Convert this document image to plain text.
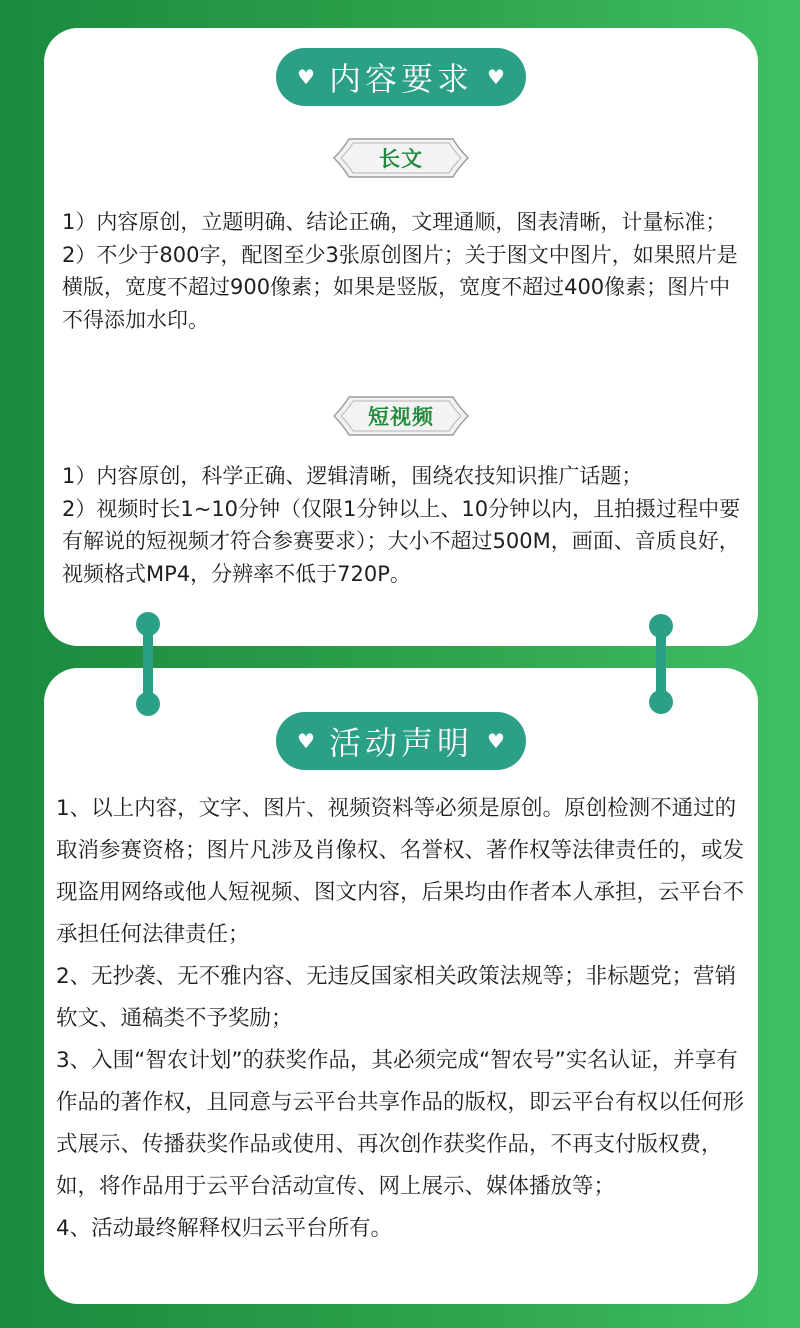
♥ 内容要求 ♥
长文

1）内容原创，立题明确、结论正确，文理通顺，图表清晰，计量标准；

2）不少于800字，配图至少3张原创图片；关于图文中图片，如果照片是横版，宽度不超过900像素；如果是竖版，宽度不超过400像素；图片中不得添加水印。

短视频

1）内容原创，科学正确、逻辑清晰，围绕农技知识推广话题；

2）视频时长1~10分钟（仅限1分钟以上、10分钟以内，且拍摄过程中要有解说的短视频才符合参赛要求）；大小不超过500M，画面、音质良好，视频格式MP4，分辨率不低于720P。

♥ 活动声明 ♥

1、以上内容，文字、图片、视频资料等必须是原创。原创检测不通过的取消参赛资格；图片凡涉及肖像权、名誉权、著作权等法律责任的，或发现盗用网络或他人短视频、图文内容，后果均由作者本人承担，云平台不承担任何法律责任；

2、无抄袭、无不雅内容、无违反国家相关政策法规等；非标题党；营销软文、通稿类不予奖励；

3、入围“智农计划”的获奖作品，其必须完成“智农号”实名认证，并享有作品的著作权，且同意与云平台共享作品的版权，即云平台有权以任何形式展示、传播获奖作品或使用、再次创作获奖作品，不再支付版权费，如，将作品用于云平台活动宣传、网上展示、媒体播放等；

4、活动最终解释权归云平台所有。
